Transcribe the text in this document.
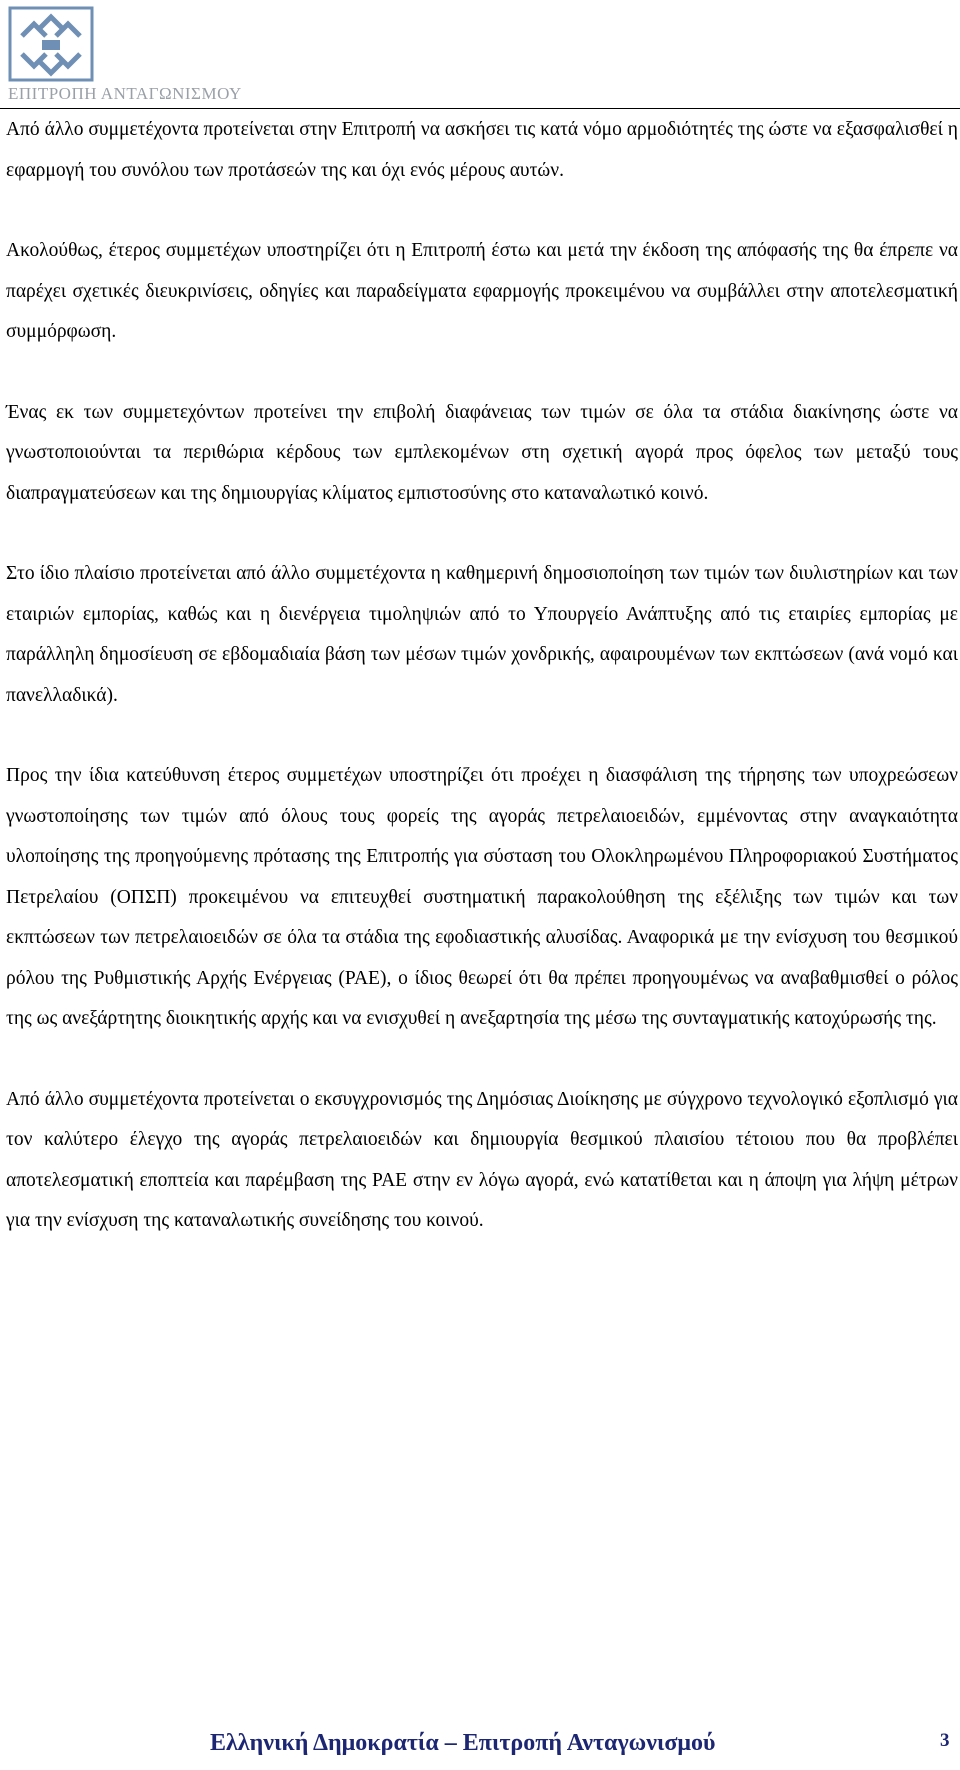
ΕΠΙΤΡΟΠΗ ΑΝΤΑΓΩΝΙΣΜΟΥ

Από άλλο συμμετέχοντα προτείνεται στην Επιτροπή να ασκήσει τις κατά νόμο αρμοδιότητές της ώστε να εξασφαλισθεί η εφαρμογή του συνόλου των προτάσεών της και όχι ενός μέρους αυτών.

Ακολούθως, έτερος συμμετέχων υποστηρίζει ότι η Επιτροπή έστω και μετά την έκδοση της απόφασής της θα έπρεπε να παρέχει σχετικές διευκρινίσεις, οδηγίες και παραδείγματα εφαρμογής προκειμένου να συμβάλλει στην αποτελεσματική συμμόρφωση.

Ένας εκ των συμμετεχόντων προτείνει την επιβολή διαφάνειας των τιμών σε όλα τα στάδια διακίνησης ώστε να γνωστοποιούνται τα περιθώρια κέρδους των εμπλεκομένων στη σχετική αγορά προς όφελος των μεταξύ τους διαπραγματεύσεων και της δημιουργίας κλίματος εμπιστοσύνης στο καταναλωτικό κοινό.

Στο ίδιο πλαίσιο προτείνεται από άλλο συμμετέχοντα η καθημερινή δημοσιοποίηση των τιμών των διυλιστηρίων και των εταιριών εμπορίας, καθώς και η διενέργεια τιμοληψιών από το Υπουργείο Ανάπτυξης από τις εταιρίες εμπορίας με παράλληλη δημοσίευση σε εβδομαδιαία βάση των μέσων τιμών χονδρικής, αφαιρουμένων των εκπτώσεων (ανά νομό και πανελλαδικά).

Προς την ίδια κατεύθυνση έτερος συμμετέχων υποστηρίζει ότι προέχει η διασφάλιση της τήρησης των υποχρεώσεων γνωστοποίησης των τιμών από όλους τους φορείς της αγοράς πετρελαιοειδών, εμμένοντας στην αναγκαιότητα υλοποίησης της προηγούμενης πρότασης της Επιτροπής για σύσταση του Ολοκληρωμένου Πληροφοριακού Συστήματος Πετρελαίου (ΟΠΣΠ) προκειμένου να επιτευχθεί συστηματική παρακολούθηση της εξέλιξης των τιμών και των εκπτώσεων των πετρελαιοειδών σε όλα τα στάδια της εφοδιαστικής αλυσίδας. Αναφορικά με την ενίσχυση του θεσμικού ρόλου της Ρυθμιστικής Αρχής Ενέργειας (ΡΑΕ), ο ίδιος θεωρεί ότι θα πρέπει προηγουμένως να αναβαθμισθεί ο ρόλος της ως ανεξάρτητης διοικητικής αρχής και να ενισχυθεί η ανεξαρτησία της μέσω της συνταγματικής κατοχύρωσής της.

Από άλλο συμμετέχοντα προτείνεται ο εκσυγχρονισμός της Δημόσιας Διοίκησης με σύγχρονο τεχνολογικό εξοπλισμό για τον καλύτερο έλεγχο της αγοράς πετρελαιοειδών και δημιουργία θεσμικού πλαισίου τέτοιου που θα προβλέπει αποτελεσματική εποπτεία και παρέμβαση της ΡΑΕ στην εν λόγω αγορά, ενώ κατατίθεται και η άποψη για λήψη μέτρων για την ενίσχυση της καταναλωτικής συνείδησης του κοινού.

Ελληνική Δημοκρατία – Επιτροπή Ανταγωνισμού	3
